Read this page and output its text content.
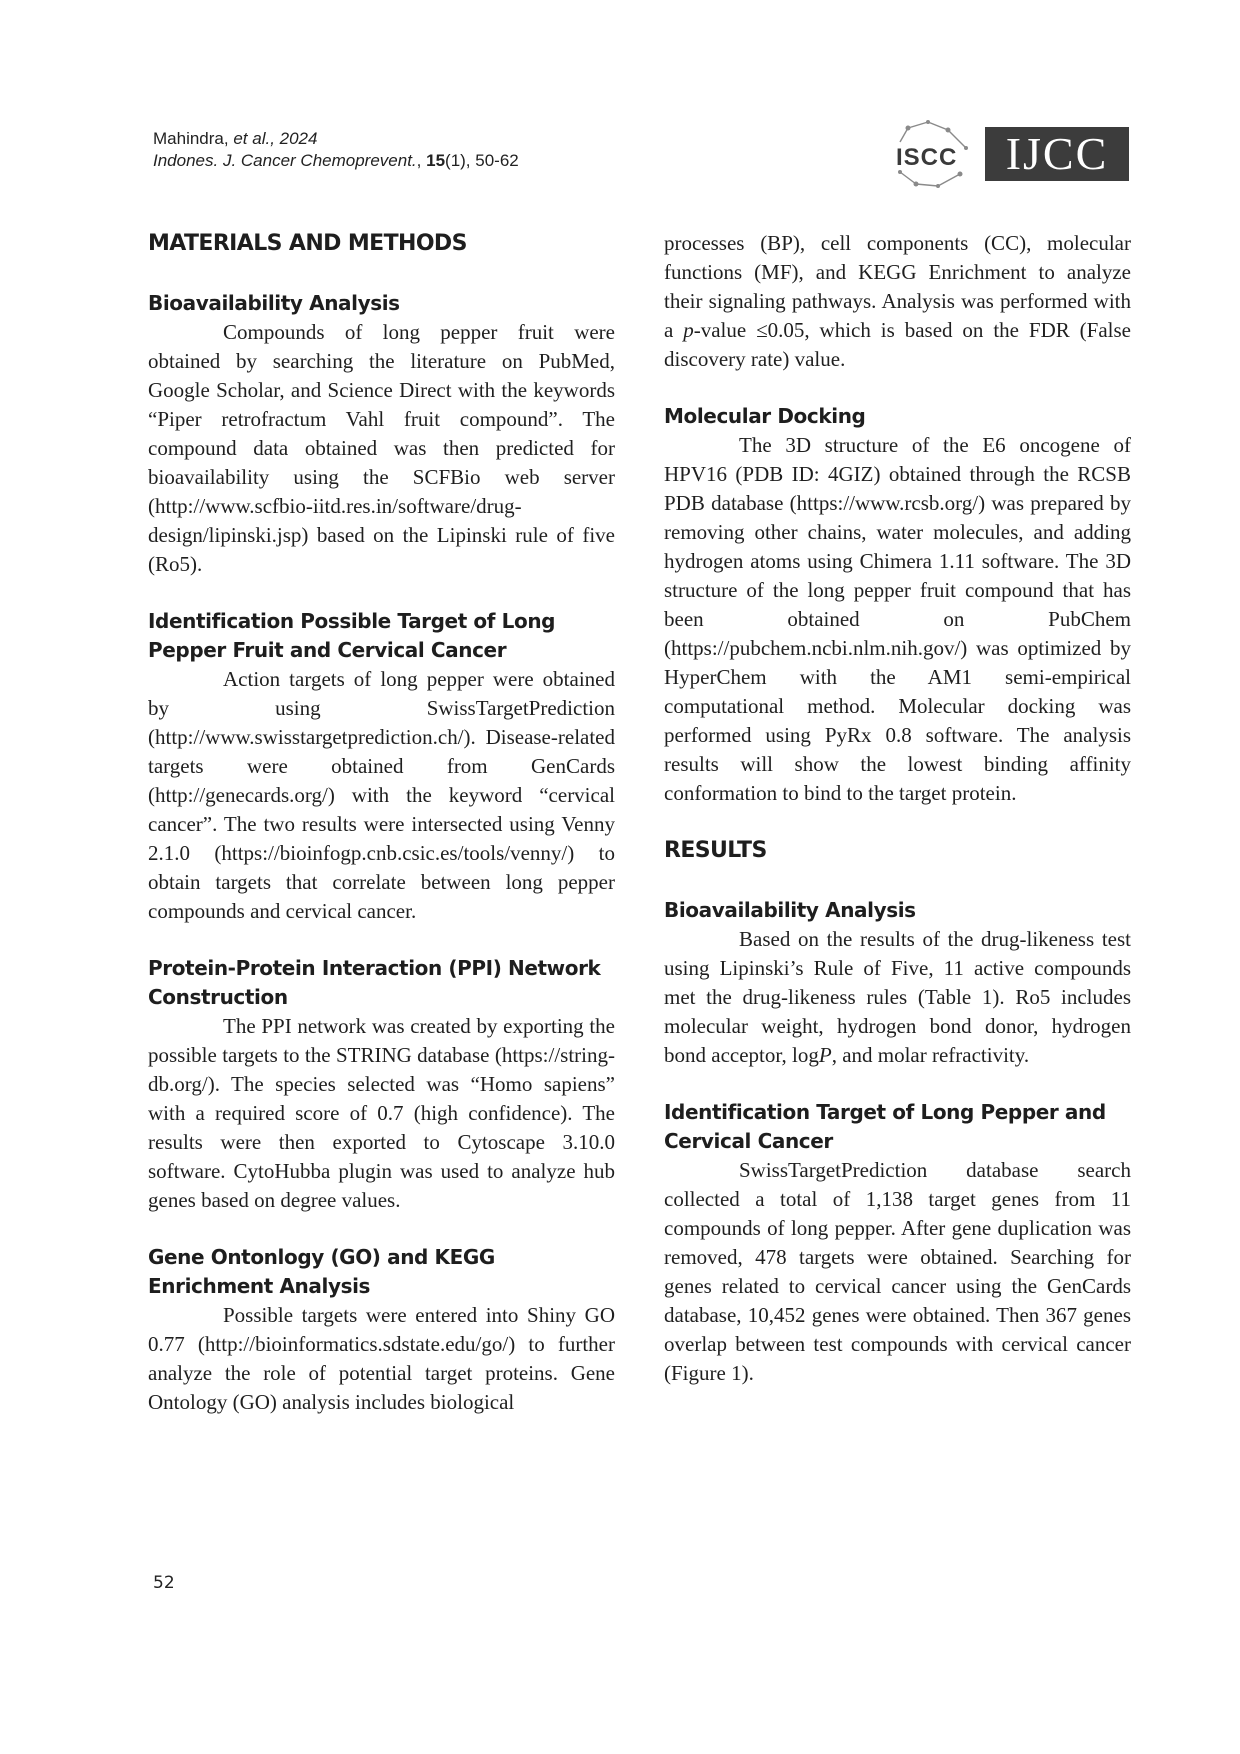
Mahindra, et al., 2024
Indones. J. Cancer Chemoprevent., 15(1), 50-62	ISCC	IJCC
MATERIALS AND METHODS
Bioavailability Analysis

Compounds of long pepper fruit were obtained by searching the literature on PubMed, Google Scholar, and Science Direct with the keywords “Piper retrofractum Vahl fruit compound”. The compound data obtained was then predicted for bioavailability using the SCFBio web server (http://www.scfbio-iitd.res.in/software/drug-design/lipinski.jsp) based on the Lipinski rule of five (Ro5).

Identification Possible Target of Long Pepper Fruit and Cervical Cancer

Action targets of long pepper were obtained by using SwissTargetPrediction (http://www.swisstargetprediction.ch/). Disease-related targets were obtained from GenCards (http://genecards.org/) with the keyword “cervical cancer”. The two results were intersected using Venny 2.1.0 (https://bioinfogp.cnb.csic.es/tools/venny/) to obtain targets that correlate between long pepper compounds and cervical cancer.

Protein-Protein Interaction (PPI) Network Construction

The PPI network was created by exporting the possible targets to the STRING database (https://string-db.org/). The species selected was “Homo sapiens” with a required score of 0.7 (high confidence). The results were then exported to Cytoscape 3.10.0 software. CytoHubba plugin was used to analyze hub genes based on degree values.

Gene Ontonlogy (GO) and KEGG Enrichment Analysis

Possible targets were entered into Shiny GO 0.77 (http://bioinformatics.sdstate.edu/go/) to further analyze the role of potential target proteins. Gene Ontology (GO) analysis includes biological

processes (BP), cell components (CC), molecular functions (MF), and KEGG Enrichment to analyze their signaling pathways. Analysis was performed with a p-value ≤0.05, which is based on the FDR (False discovery rate) value.

Molecular Docking

The 3D structure of the E6 oncogene of HPV16 (PDB ID: 4GIZ) obtained through the RCSB PDB database (https://www.rcsb.org/) was prepared by removing other chains, water molecules, and adding hydrogen atoms using Chimera 1.11 software. The 3D structure of the long pepper fruit compound that has been obtained on PubChem (https://pubchem.ncbi.nlm.nih.gov/) was optimized by HyperChem with the AM1 semi-empirical computational method. Molecular docking was performed using PyRx 0.8 software. The analysis results will show the lowest binding affinity conformation to bind to the target protein.

RESULTS
Bioavailability Analysis

Based on the results of the drug-likeness test using Lipinski’s Rule of Five, 11 active compounds met the drug-likeness rules (Table 1). Ro5 includes molecular weight, hydrogen bond donor, hydrogen bond acceptor, logP, and molar refractivity.

Identification Target of Long Pepper and Cervical Cancer

SwissTargetPrediction database search collected a total of 1,138 target genes from 11 compounds of long pepper. After gene duplication was removed, 478 targets were obtained. Searching for genes related to cervical cancer using the GenCards database, 10,452 genes were obtained. Then 367 genes overlap between test compounds with cervical cancer (Figure 1).

52
